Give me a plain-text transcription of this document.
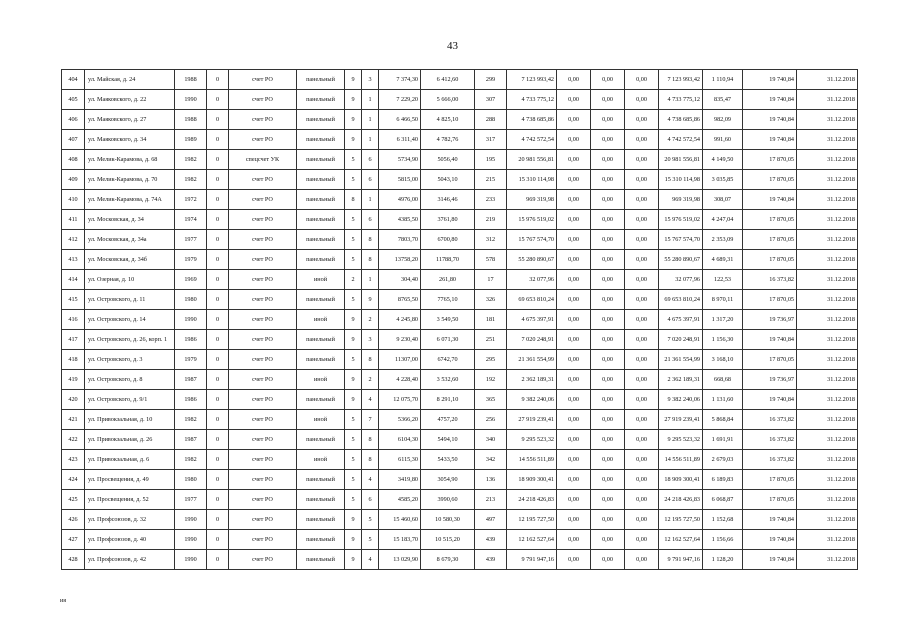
43
404	ул. Майская, д. 24	1988	0	счет РО	панельный	9	3	7 374,30	6 412,60	299	7 123 993,42	0,00	0,00	0,00	7 123 993,42	1 110,94	19 740,84	31.12.2018
405	ул. Маяковского, д. 22	1990	0	счет РО	панельный	9	1	7 229,20	5 666,00	307	4 733 775,12	0,00	0,00	0,00	4 733 775,12	835,47	19 740,84	31.12.2018
406	ул. Маяковского, д. 27	1988	0	счет РО	панельный	9	1	6 466,50	4 825,10	288	4 738 685,86	0,00	0,00	0,00	4 738 685,86	982,09	19 740,84	31.12.2018
407	ул. Маяковского, д. 34	1989	0	счет РО	панельный	9	1	6 311,40	4 782,76	317	4 742 572,54	0,00	0,00	0,00	4 742 572,54	991,60	19 740,84	31.12.2018
408	ул. Мелик-Карамова, д. 68	1982	0	спецсчет УК	панельный	5	6	5734,90	5056,40	195	20 981 556,81	0,00	0,00	0,00	20 981 556,81	4 149,50	17 870,05	31.12.2018
409	ул. Мелик-Карамова, д. 70	1982	0	счет РО	панельный	5	6	5815,00	5043,10	215	15 310 114,98	0,00	0,00	0,00	15 310 114,98	3 035,85	17 870,05	31.12.2018
410	ул. Мелик-Карамова, д. 74А	1972	0	счет РО	панельный	8	1	4976,00	3146,46	233	969 319,98	0,00	0,00	0,00	969 319,98	308,07	19 740,84	31.12.2018
411	ул. Московская, д. 34	1974	0	счет РО	панельный	5	6	4385,50	3761,80	219	15 976 519,02	0,00	0,00	0,00	15 976 519,02	4 247,04	17 870,05	31.12.2018
412	ул. Московская, д. 34а	1977	0	счет РО	панельный	5	8	7803,70	6700,80	312	15 767 574,70	0,00	0,00	0,00	15 767 574,70	2 353,09	17 870,05	31.12.2018
413	ул. Московская, д. 34б	1979	0	счет РО	панельный	5	8	13758,20	11788,70	578	55 280 890,67	0,00	0,00	0,00	55 280 890,67	4 689,31	17 870,05	31.12.2018
414	ул. Озерная, д. 10	1969	0	счет РО	иной	2	1	304,40	261,80	17	32 077,96	0,00	0,00	0,00	32 077,96	122,53	16 373,82	31.12.2018
415	ул. Островского, д. 11	1980	0	счет РО	панельный	5	9	8765,50	7765,10	326	69 653 810,24	0,00	0,00	0,00	69 653 810,24	8 970,11	17 870,05	31.12.2018
416	ул. Островского, д. 14	1990	0	счет РО	иной	9	2	4 245,80	3 549,50	181	4 675 397,91	0,00	0,00	0,00	4 675 397,91	1 317,20	19 736,97	31.12.2018
417	ул. Островского, д. 26, корп. 1	1986	0	счет РО	панельный	9	3	9 230,40	6 071,30	251	7 020 248,91	0,00	0,00	0,00	7 020 248,91	1 156,30	19 740,84	31.12.2018
418	ул. Островского, д. 3	1979	0	счет РО	панельный	5	8	11307,00	6742,70	295	21 361 554,99	0,00	0,00	0,00	21 361 554,99	3 168,10	17 870,05	31.12.2018
419	ул. Островского, д. 8	1987	0	счет РО	иной	9	2	4 228,40	3 532,60	192	2 362 189,31	0,00	0,00	0,00	2 362 189,31	668,68	19 736,97	31.12.2018
420	ул. Островского, д. 9/1	1986	0	счет РО	панельный	9	4	12 075,70	8 291,10	365	9 382 240,06	0,00	0,00	0,00	9 382 240,06	1 131,60	19 740,84	31.12.2018
421	ул. Привокзальная, д. 10	1982	0	счет РО	иной	5	7	5366,20	4757,20	256	27 919 239,41	0,00	0,00	0,00	27 919 239,41	5 868,84	16 373,82	31.12.2018
422	ул. Привокзальная, д. 26	1987	0	счет РО	панельный	5	8	6104,30	5494,10	340	9 295 523,32	0,00	0,00	0,00	9 295 523,32	1 691,91	16 373,82	31.12.2018
423	ул. Привокзальная, д. 6	1982	0	счет РО	иной	5	8	6115,30	5433,50	342	14 556 511,89	0,00	0,00	0,00	14 556 511,89	2 679,03	16 373,82	31.12.2018
424	ул. Просвещения, д. 49	1980	0	счет РО	панельный	5	4	3419,80	3054,90	136	18 909 300,41	0,00	0,00	0,00	18 909 300,41	6 189,83	17 870,05	31.12.2018
425	ул. Просвещения, д. 52	1977	0	счет РО	панельный	5	6	4585,20	3990,60	213	24 218 426,83	0,00	0,00	0,00	24 218 426,83	6 068,87	17 870,05	31.12.2018
426	ул. Профсоюзов, д. 32	1990	0	счет РО	панельный	9	5	15 460,60	10 580,30	497	12 195 727,50	0,00	0,00	0,00	12 195 727,50	1 152,68	19 740,84	31.12.2018
427	ул. Профсоюзов, д. 40	1990	0	счет РО	панельный	9	5	15 183,70	10 515,20	439	12 162 527,64	0,00	0,00	0,00	12 162 527,64	1 156,66	19 740,84	31.12.2018
428	ул. Профсоюзов, д. 42	1990	0	счет РО	панельный	9	4	13 029,90	8 679,30	439	9 791 947,16	0,00	0,00	0,00	9 791 947,16	1 128,20	19 740,84	31.12.2018
ия
